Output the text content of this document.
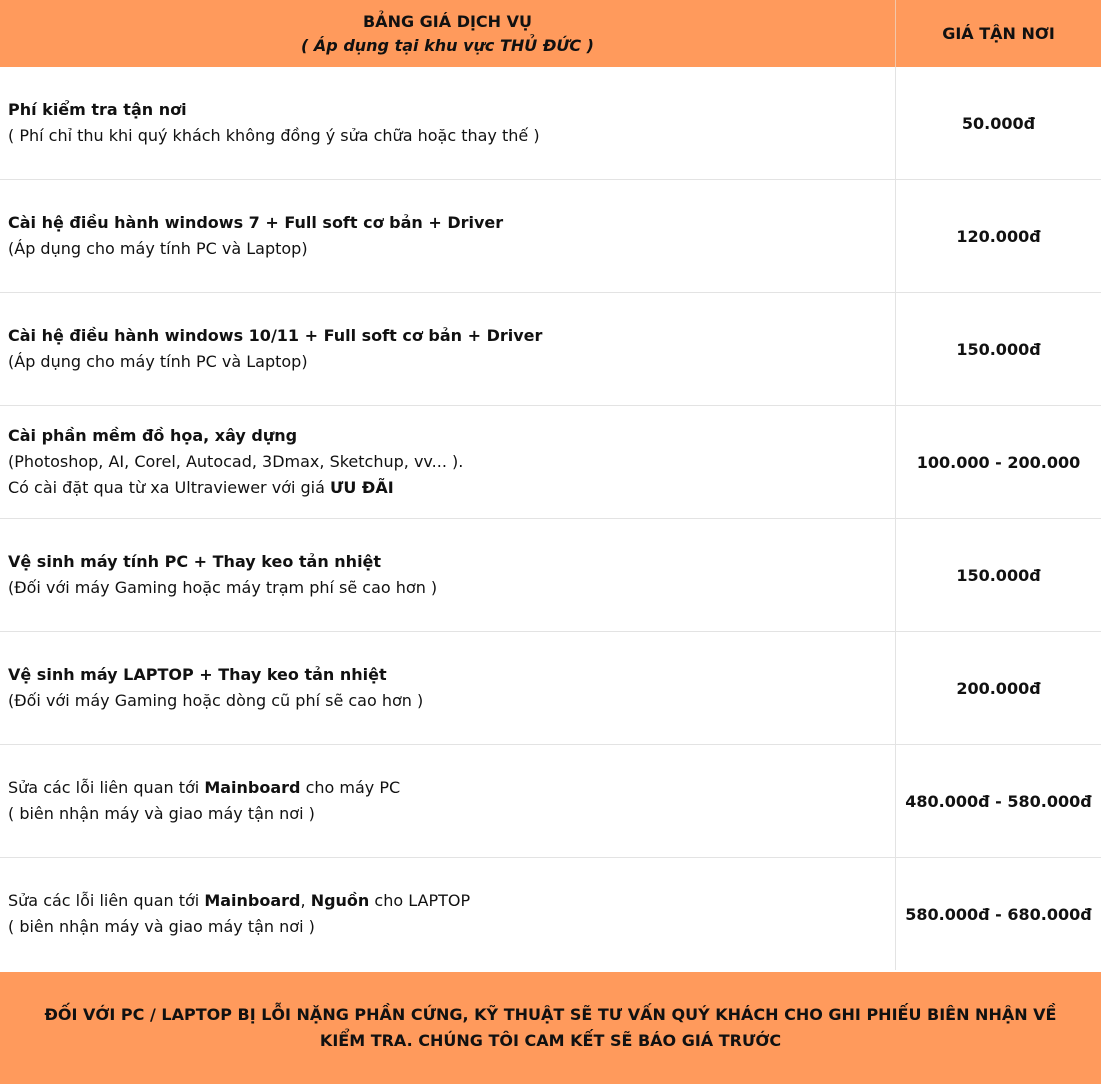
BẢNG GIÁ DỊCH VỤ
( Áp dụng tại khu vực THỦ ĐỨC )
GIÁ TẬN NƠI
Phí kiểm tra tận nơi
( Phí chỉ thu khi quý khách không đồng ý sửa chữa hoặc thay thế )
50.000đ
Cài hệ điều hành windows 7 + Full soft cơ bản + Driver
(Áp dụng cho máy tính PC và Laptop)
120.000đ
Cài hệ điều hành windows 10/11 + Full soft cơ bản + Driver
(Áp dụng cho máy tính PC và Laptop)
150.000đ
Cài phần mềm đồ họa, xây dựng
(Photoshop, AI, Corel, Autocad, 3Dmax, Sketchup, vv... ).
Có cài đặt qua từ xa Ultraviewer với giá ƯU ĐÃI
100.000 - 200.000
Vệ sinh máy tính PC + Thay keo tản nhiệt
(Đối với máy Gaming hoặc máy trạm phí sẽ cao hơn )
150.000đ
Vệ sinh máy LAPTOP + Thay keo tản nhiệt
(Đối với máy Gaming hoặc dòng cũ phí sẽ cao hơn )
200.000đ
Sửa các lỗi liên quan tới Mainboard cho máy PC
( biên nhận máy và giao máy tận nơi )
480.000đ - 580.000đ
Sửa các lỗi liên quan tới Mainboard, Nguồn cho LAPTOP
( biên nhận máy và giao máy tận nơi )
580.000đ - 680.000đ
ĐỐI VỚI PC / LAPTOP BỊ LỖI NẶNG PHẦN CỨNG, KỸ THUẬT SẼ TƯ VẤN QUÝ KHÁCH CHO GHI PHIẾU BIÊN NHẬN VỀ KIỂM TRA. CHÚNG TÔI CAM KẾT SẼ BÁO GIÁ TRƯỚC
